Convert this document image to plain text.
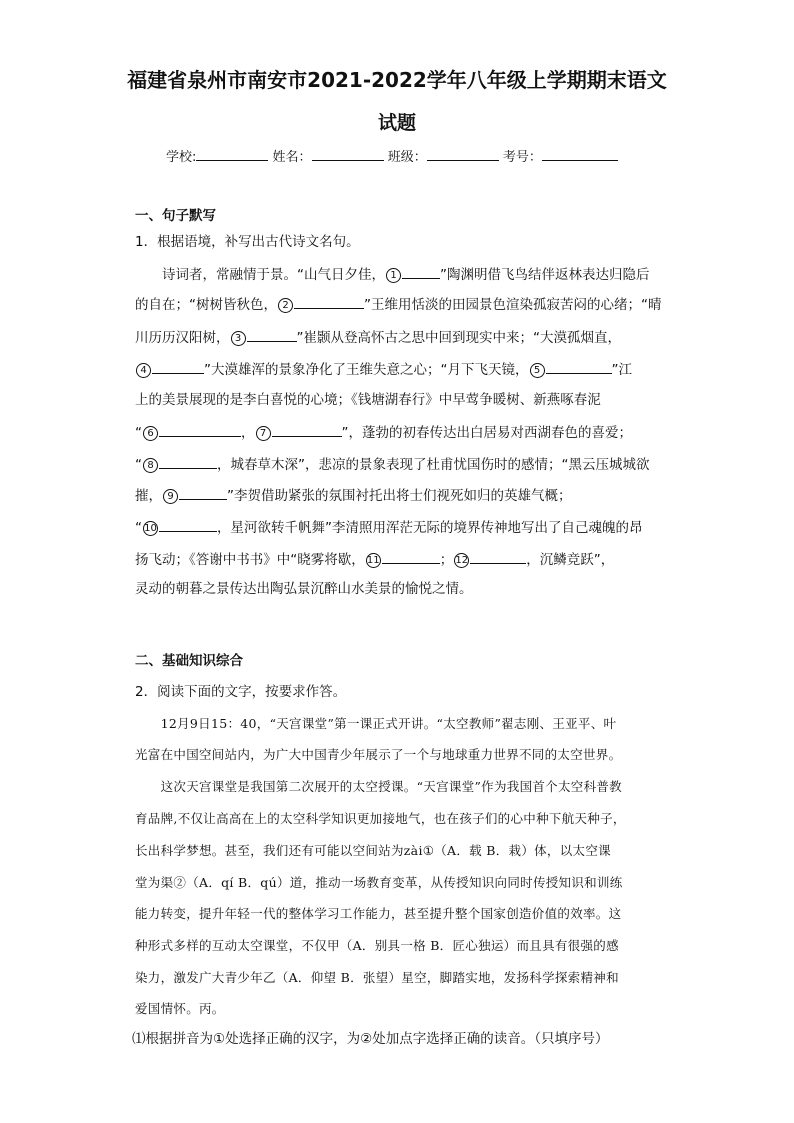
福建省泉州市南安市2021-2022学年八年级上学期期末语文
试题
学校:	姓名：	班级：	考号：
一、句子默写
1．根据语境，补写出古代诗文名句。
　　诗词者，常融情于景。“山气日夕佳， 1	”陶渊明借飞鸟结伴返林表达归隐后
的自在；“树树皆秋色， 2	”王维用恬淡的田园景色渲染孤寂苦闷的心绪；“晴
川历历汉阳树， 3	”崔颢从登高怀古之思中回到现实中来；“大漠孤烟直，
4	”大漠雄浑的景象净化了王维失意之心；“月下飞天镜， 5	”江
上的美景展现的是李白喜悦的心境；《钱塘湖春行》中早莺争暖树、新燕啄春泥
“ 6	， 7	”，蓬勃的初春传达出白居易对西湖春色的喜爱；
“ 8	，城春草木深”，悲凉的景象表现了杜甫忧国伤时的感情；“黑云压城城欲
摧， 9	”李贺借助紧张的氛围衬托出将士们视死如归的英雄气概；
“ 10	，星河欲转千帆舞”李清照用浑茫无际的境界传神地写出了自己魂魄的昂
扬飞动；《答谢中书书》中“晓雾将歇， 11	； 12	，沉鳞竞跃”，
灵动的朝暮之景传达出陶弘景沉醉山水美景的愉悦之情。
二、基础知识综合
2．阅读下面的文字，按要求作答。
　　12月9日15：40，“天宫课堂”第一课正式开讲。“太空教师”翟志刚、王亚平、叶
光富在中国空间站内，为广大中国青少年展示了一个与地球重力世界不同的太空世界。
　　这次天宫课堂是我国第二次展开的太空授课。“天宫课堂”作为我国首个太空科普教
育品牌,不仅让高高在上的太空科学知识更加接地气，也在孩子们的心中种下航天种子，
长出科学梦想。甚至，我们还有可能以空间站为zài①（A．载 B．栽）体，以太空课
堂为渠②（A．qí B．qú）道，推动一场教育变革，从传授知识向同时传授知识和训练
能力转变，提升年轻一代的整体学习工作能力，甚至提升整个国家创造价值的效率。这
种形式多样的互动太空课堂，不仅甲（A．别具一格 B．匠心独运）而且具有很强的感
染力，激发广大青少年乙（A．仰望 B．张望）星空，脚踏实地，发扬科学探索精神和
爱国情怀。丙。
⑴根据拼音为①处选择正确的汉字，为②处加点字选择正确的读音。（只填序号）
